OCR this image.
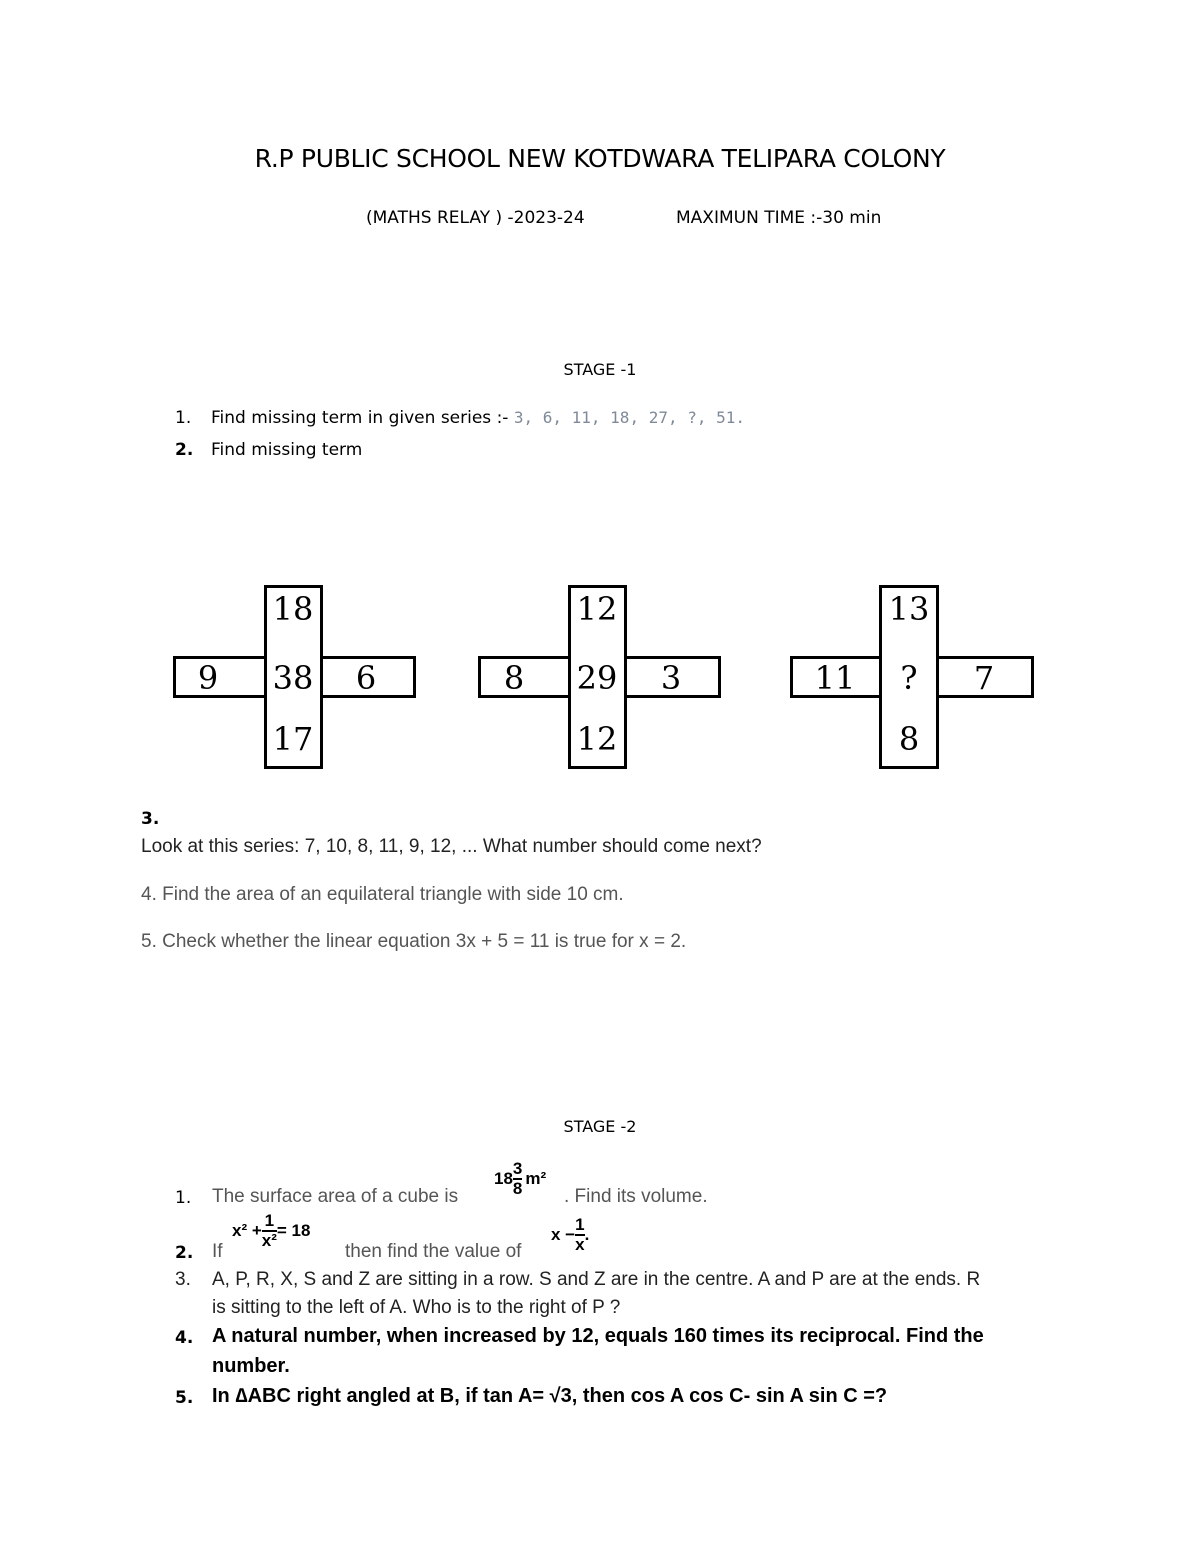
R.P PUBLIC SCHOOL NEW KOTDWARA TELIPARA COLONY
(MATHS RELAY ) -2023-24	MAXIMUN TIME :-30 min
STAGE -1
1. Find missing term in given series :- 3, 6, 11, 18, 27, ?, 51.
2. Find missing term
18
9	38	6
17
12
8	29	3
12
13
11	?	7
8
3.
Look at this series: 7, 10, 8, 11, 9, 12, ... What number should come next?
4. Find the area of an equilateral triangle with side 10 cm.
5. Check whether the linear equation 3x + 5 = 11 is true for x = 2.
STAGE -2
1. The surface area of a cube is
$18 \frac{3}{8} m^2$
. Find its volume.
2. If
$x^2 + \frac{1}{\text{x²}} = 18$
then find the value of
$x - \frac{1}{x}$ .
3. A, P, R, X, S and Z are sitting in a row. S and Z are in the centre. A and P are at the ends. R
is sitting to the left of A. Who is to the right of P ?
4. A natural number, when increased by 12, equals 160 times its reciprocal. Find the
number.
5. In ∆ABC right angled at B, if tan A= √3, then cos A cos C- sin A sin C =?
